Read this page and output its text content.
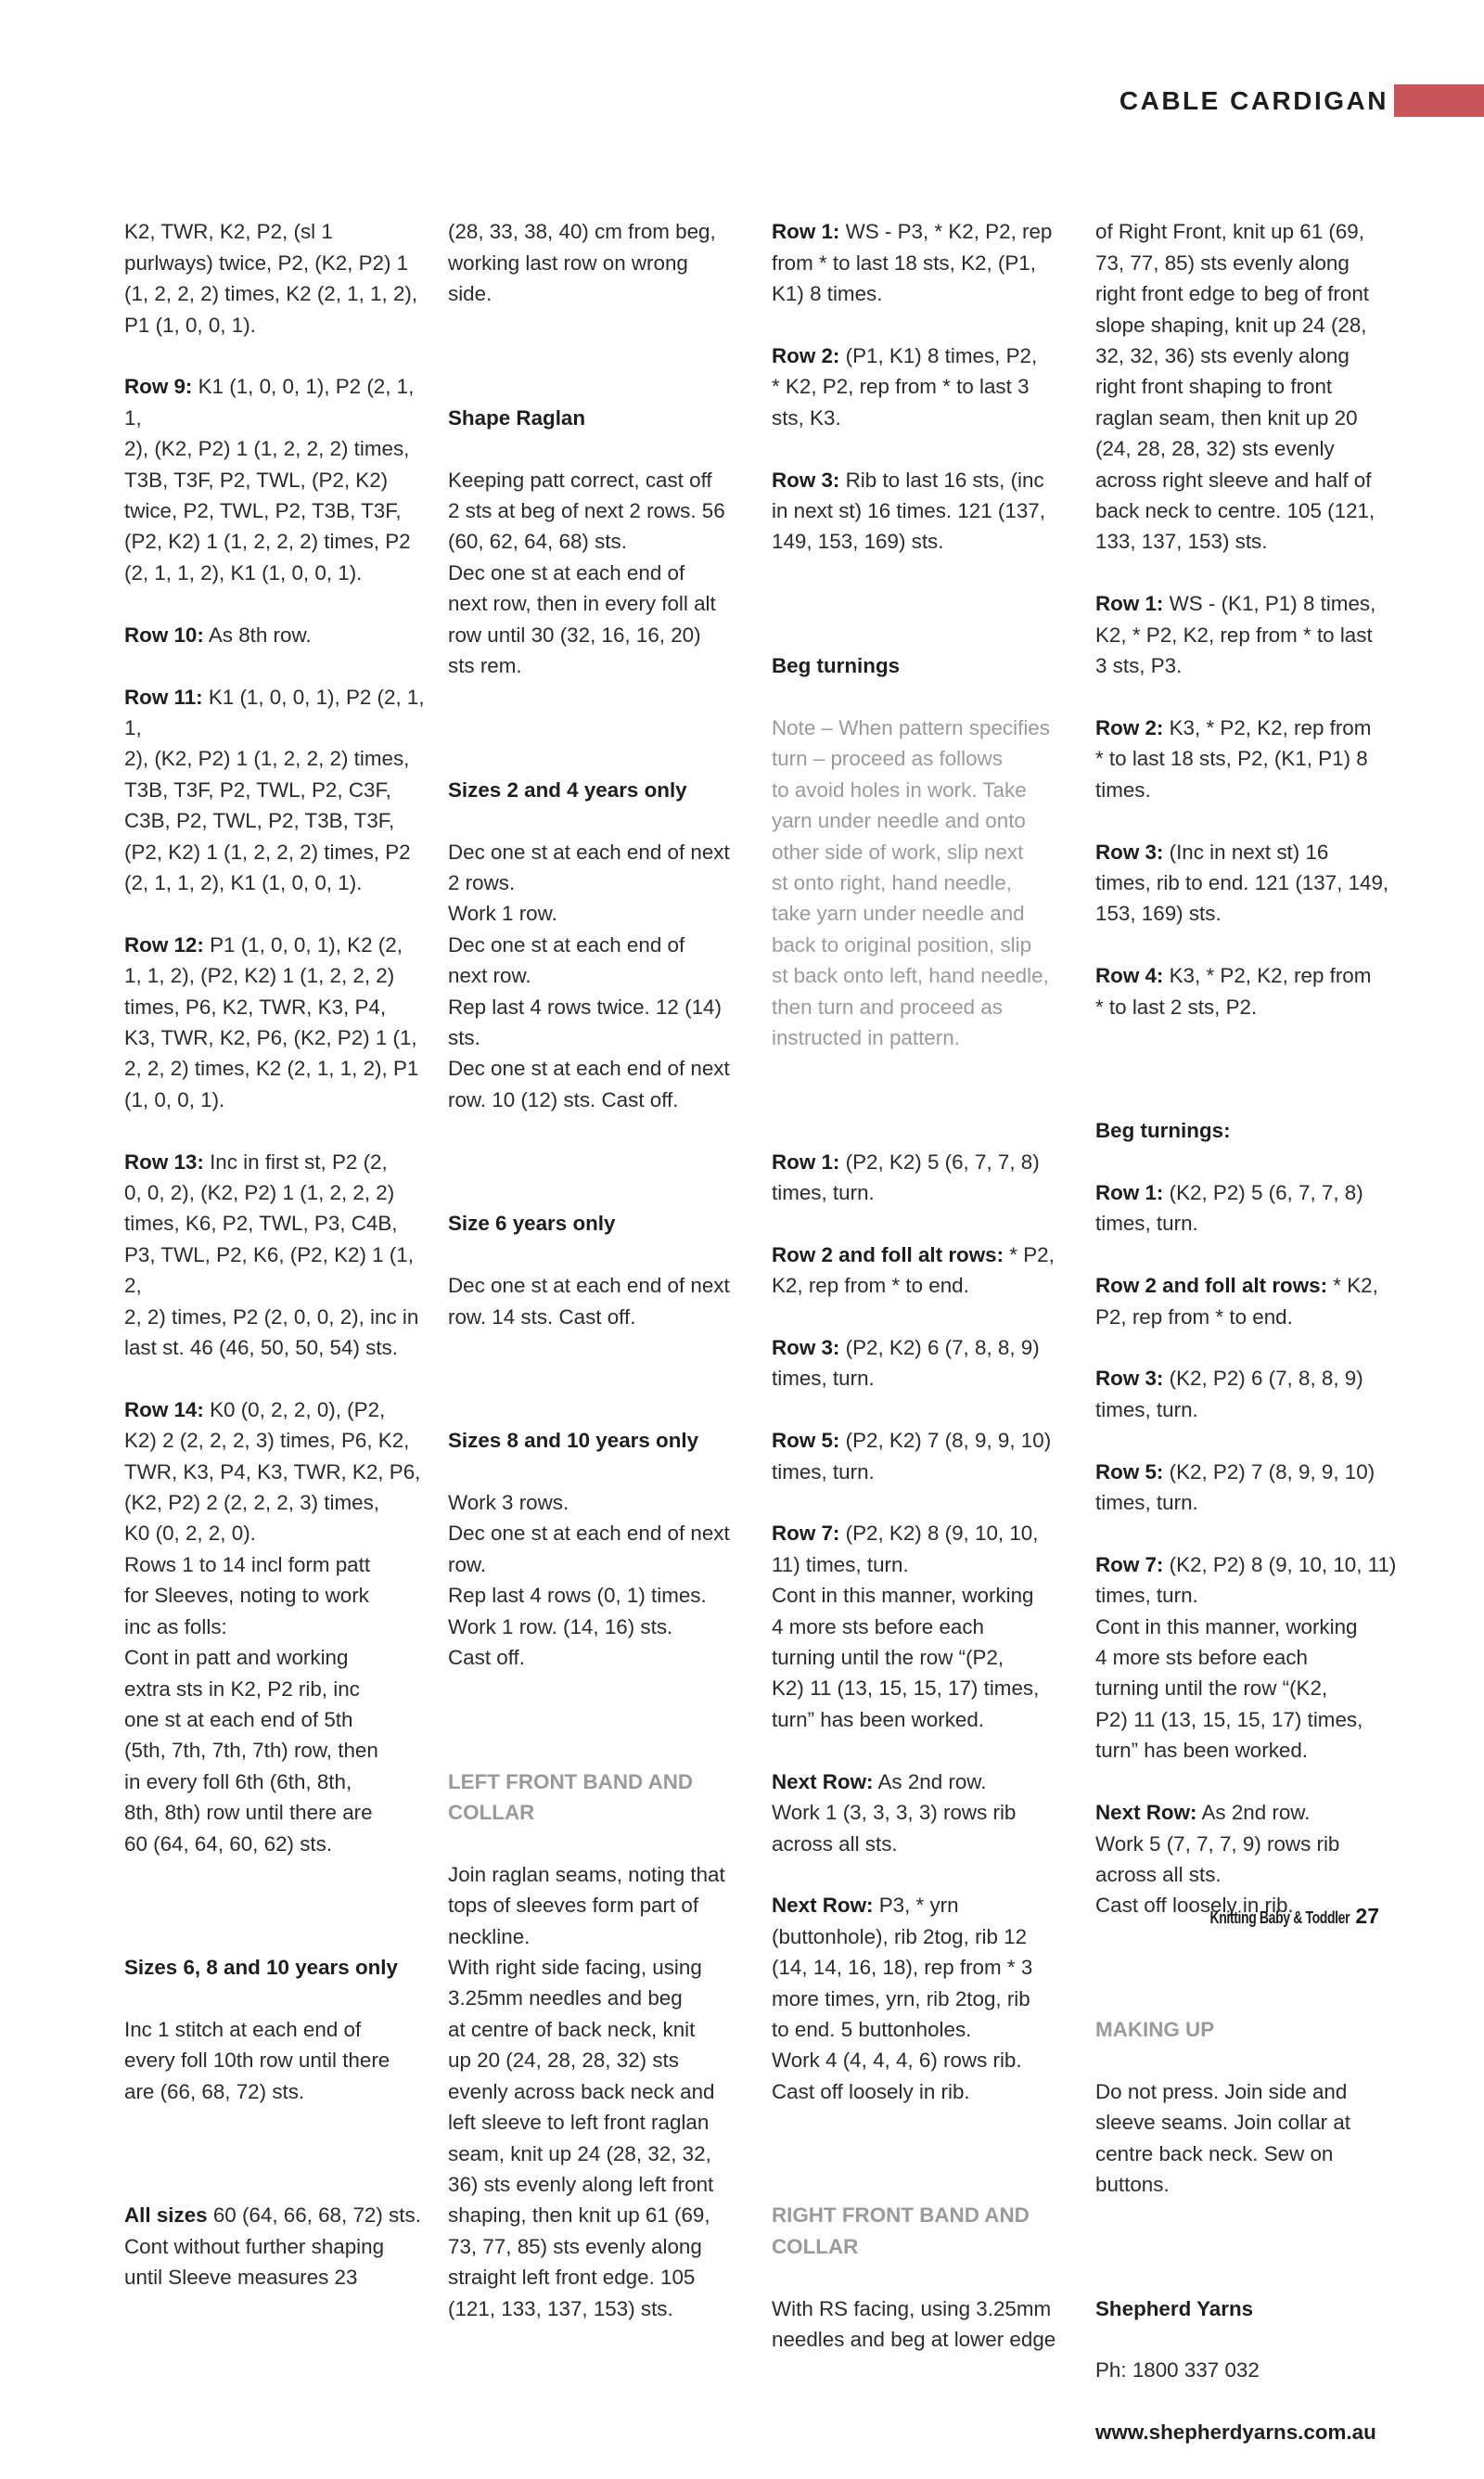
CABLE CARDIGAN

K2, TWR, K2, P2, (sl 1
purlways) twice, P2, (K2, P2) 1
(1, 2, 2, 2) times, K2 (2, 1, 1, 2),
P1 (1, 0, 0, 1).

Row 9: K1 (1, 0, 0, 1), P2 (2, 1, 1,
2), (K2, P2) 1 (1, 2, 2, 2) times,
T3B, T3F, P2, TWL, (P2, K2)
twice, P2, TWL, P2, T3B, T3F,
(P2, K2) 1 (1, 2, 2, 2) times, P2
(2, 1, 1, 2), K1 (1, 0, 0, 1).

Row 10: As 8th row.

Row 11: K1 (1, 0, 0, 1), P2 (2, 1, 1,
2), (K2, P2) 1 (1, 2, 2, 2) times,
T3B, T3F, P2, TWL, P2, C3F,
C3B, P2, TWL, P2, T3B, T3F,
(P2, K2) 1 (1, 2, 2, 2) times, P2
(2, 1, 1, 2), K1 (1, 0, 0, 1).

Row 12: P1 (1, 0, 0, 1), K2 (2,
1, 1, 2), (P2, K2) 1 (1, 2, 2, 2)
times, P6, K2, TWR, K3, P4,
K3, TWR, K2, P6, (K2, P2) 1 (1,
2, 2, 2) times, K2 (2, 1, 1, 2), P1
(1, 0, 0, 1).

Row 13: Inc in first st, P2 (2,
0, 0, 2), (K2, P2) 1 (1, 2, 2, 2)
times, K6, P2, TWL, P3, C4B,
P3, TWL, P2, K6, (P2, K2) 1 (1, 2,
2, 2) times, P2 (2, 0, 0, 2), inc in
last st. 46 (46, 50, 50, 54) sts.

Row 14: K0 (0, 2, 2, 0), (P2,
K2) 2 (2, 2, 2, 3) times, P6, K2,
TWR, K3, P4, K3, TWR, K2, P6,
(K2, P2) 2 (2, 2, 2, 3) times,
K0 (0, 2, 2, 0).
Rows 1 to 14 incl form patt
for Sleeves, noting to work
inc as folls:
Cont in patt and working
extra sts in K2, P2 rib, inc
one st at each end of 5th
(5th, 7th, 7th, 7th) row, then
in every foll 6th (6th, 8th,
8th, 8th) row until there are
60 (64, 64, 60, 62) sts.

Sizes 6, 8 and 10 years only

Inc 1 stitch at each end of
every foll 10th row until there
are (66, 68, 72) sts.

All sizes 60 (64, 66, 68, 72) sts.
Cont without further shaping
until Sleeve measures 23

(28, 33, 38, 40) cm from beg,
working last row on wrong
side.

Shape Raglan

Keeping patt correct, cast off
2 sts at beg of next 2 rows. 56
(60, 62, 64, 68) sts.
Dec one st at each end of
next row, then in every foll alt
row until 30 (32, 16, 16, 20)
sts rem.

Sizes 2 and 4 years only

Dec one st at each end of next
2 rows.
Work 1 row.
Dec one st at each end of
next row.
Rep last 4 rows twice. 12 (14)
sts.
Dec one st at each end of next
row. 10 (12) sts. Cast off.

Size 6 years only

Dec one st at each end of next
row. 14 sts. Cast off.

Sizes 8 and 10 years only

Work 3 rows.
Dec one st at each end of next
row.
Rep last 4 rows (0, 1) times.
Work 1 row. (14, 16) sts.
Cast off.

LEFT FRONT BAND AND
COLLAR

Join raglan seams, noting that
tops of sleeves form part of
neckline.
With right side facing, using
3.25mm needles and beg
at centre of back neck, knit
up 20 (24, 28, 28, 32) sts
evenly across back neck and
left sleeve to left front raglan
seam, knit up 24 (28, 32, 32,
36) sts evenly along left front
shaping, then knit up 61 (69,
73, 77, 85) sts evenly along
straight left front edge. 105
(121, 133, 137, 153) sts.

Row 1: WS - P3, * K2, P2, rep
from * to last 18 sts, K2, (P1,
K1) 8 times.

Row 2: (P1, K1) 8 times, P2,
* K2, P2, rep from * to last 3
sts, K3.

Row 3: Rib to last 16 sts, (inc
in next st) 16 times. 121 (137,
149, 153, 169) sts.

Beg turnings

Note – When pattern specifies
turn – proceed as follows
to avoid holes in work. Take
yarn under needle and onto
other side of work, slip next
st onto right, hand needle,
take yarn under needle and
back to original position, slip
st back onto left, hand needle,
then turn and proceed as
instructed in pattern.

Row 1: (P2, K2) 5 (6, 7, 7, 8)
times, turn.

Row 2 and foll alt rows: * P2,
K2, rep from * to end.

Row 3: (P2, K2) 6 (7, 8, 8, 9)
times, turn.

Row 5: (P2, K2) 7 (8, 9, 9, 10)
times, turn.

Row 7: (P2, K2) 8 (9, 10, 10,
11) times, turn.
Cont in this manner, working
4 more sts before each
turning until the row “(P2,
K2) 11 (13, 15, 15, 17) times,
turn” has been worked.

Next Row: As 2nd row.
Work 1 (3, 3, 3, 3) rows rib
across all sts.

Next Row: P3, * yrn
(buttonhole), rib 2tog, rib 12
(14, 14, 16, 18), rep from * 3
more times, yrn, rib 2tog, rib
to end. 5 buttonholes.
Work 4 (4, 4, 4, 6) rows rib.
Cast off loosely in rib.

RIGHT FRONT BAND AND
COLLAR

With RS facing, using 3.25mm
needles and beg at lower edge

of Right Front, knit up 61 (69,
73, 77, 85) sts evenly along
right front edge to beg of front
slope shaping, knit up 24 (28,
32, 32, 36) sts evenly along
right front shaping to front
raglan seam, then knit up 20
(24, 28, 28, 32) sts evenly
across right sleeve and half of
back neck to centre. 105 (121,
133, 137, 153) sts.

Row 1: WS - (K1, P1) 8 times,
K2, * P2, K2, rep from * to last
3 sts, P3.

Row 2: K3, * P2, K2, rep from
* to last 18 sts, P2, (K1, P1) 8
times.

Row 3: (Inc in next st) 16
times, rib to end. 121 (137, 149,
153, 169) sts.

Row 4: K3, * P2, K2, rep from
* to last 2 sts, P2.

Beg turnings:

Row 1: (K2, P2) 5 (6, 7, 7, 8)
times, turn.

Row 2 and foll alt rows: * K2,
P2, rep from * to end.

Row 3: (K2, P2) 6 (7, 8, 8, 9)
times, turn.

Row 5: (K2, P2) 7 (8, 9, 9, 10)
times, turn.

Row 7: (K2, P2) 8 (9, 10, 10, 11)
times, turn.
Cont in this manner, working
4 more sts before each
turning until the row “(K2,
P2) 11 (13, 15, 15, 17) times,
turn” has been worked.

Next Row: As 2nd row.
Work 5 (7, 7, 7, 9) rows rib
across all sts.
Cast off loosely in rib.

MAKING UP

Do not press. Join side and
sleeve seams. Join collar at
centre back neck. Sew on
buttons.

Shepherd Yarns

Ph: 1800 337 032

www.shepherdyarns.com.au

Knitting Baby & Toddler 27
